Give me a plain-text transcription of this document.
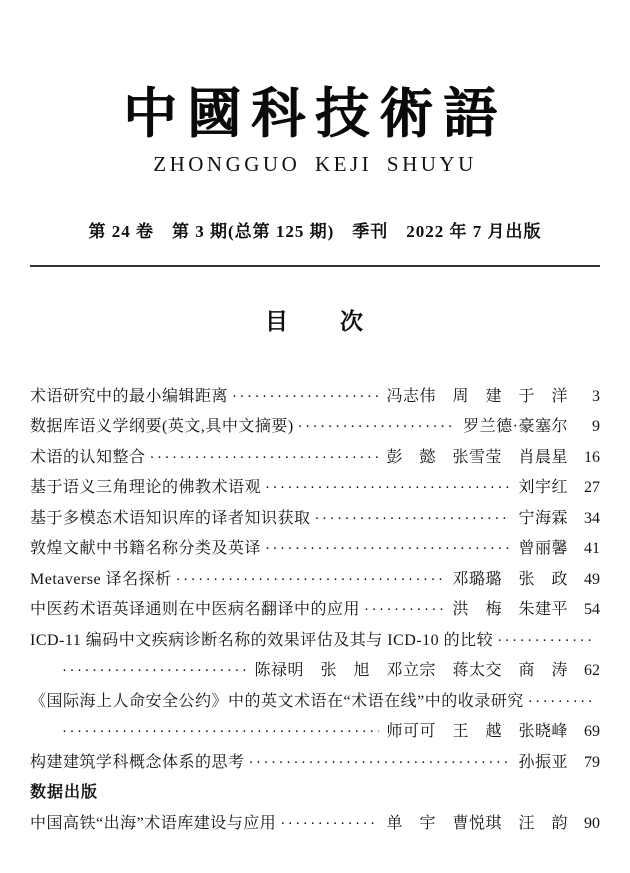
中國科技術語
ZHONGGUO KEJI SHUYU
第 24 卷　第 3 期(总第 125 期)　季刊　2022 年 7 月出版
目　　次
术语研究中的最小编辑距离 ·····	冯志伟　周　建　于　洋	3
数据库语义学纲要(英文,具中文摘要) ·····	罗兰德·豪塞尔	9
术语的认知整合 ·····	彭　懿　张雪莹　肖晨星 16
基于语义三角理论的佛教术语观 ·····	刘宇红 27
基于多模态术语知识库的译者知识获取 ·····	宁海霖 34
敦煌文献中书籍名称分类及英译 ·····	曾丽馨 41
Metaverse 译名探析 ·····	邓璐璐　张　政 49
中医药术语英译通则在中医病名翻译中的应用 ·····	洪　梅　朱建平 54
ICD-11 编码中文疾病诊断名称的效果评估及其与 ICD-10 的比较
·····
·····
陈禄明　张　旭　邓立宗　蒋太交　商　涛 62
《国际海上人命安全公约》中的英文术语在“术语在线”中的收录研究
·····
·····
师可可　王　越　张晓峰 69
构建建筑学科概念体系的思考 ·····	孙振亚 79
数据出版
中国高铁“出海”术语库建设与应用 ·····	单　宇　曹悦琪　汪　韵 90
